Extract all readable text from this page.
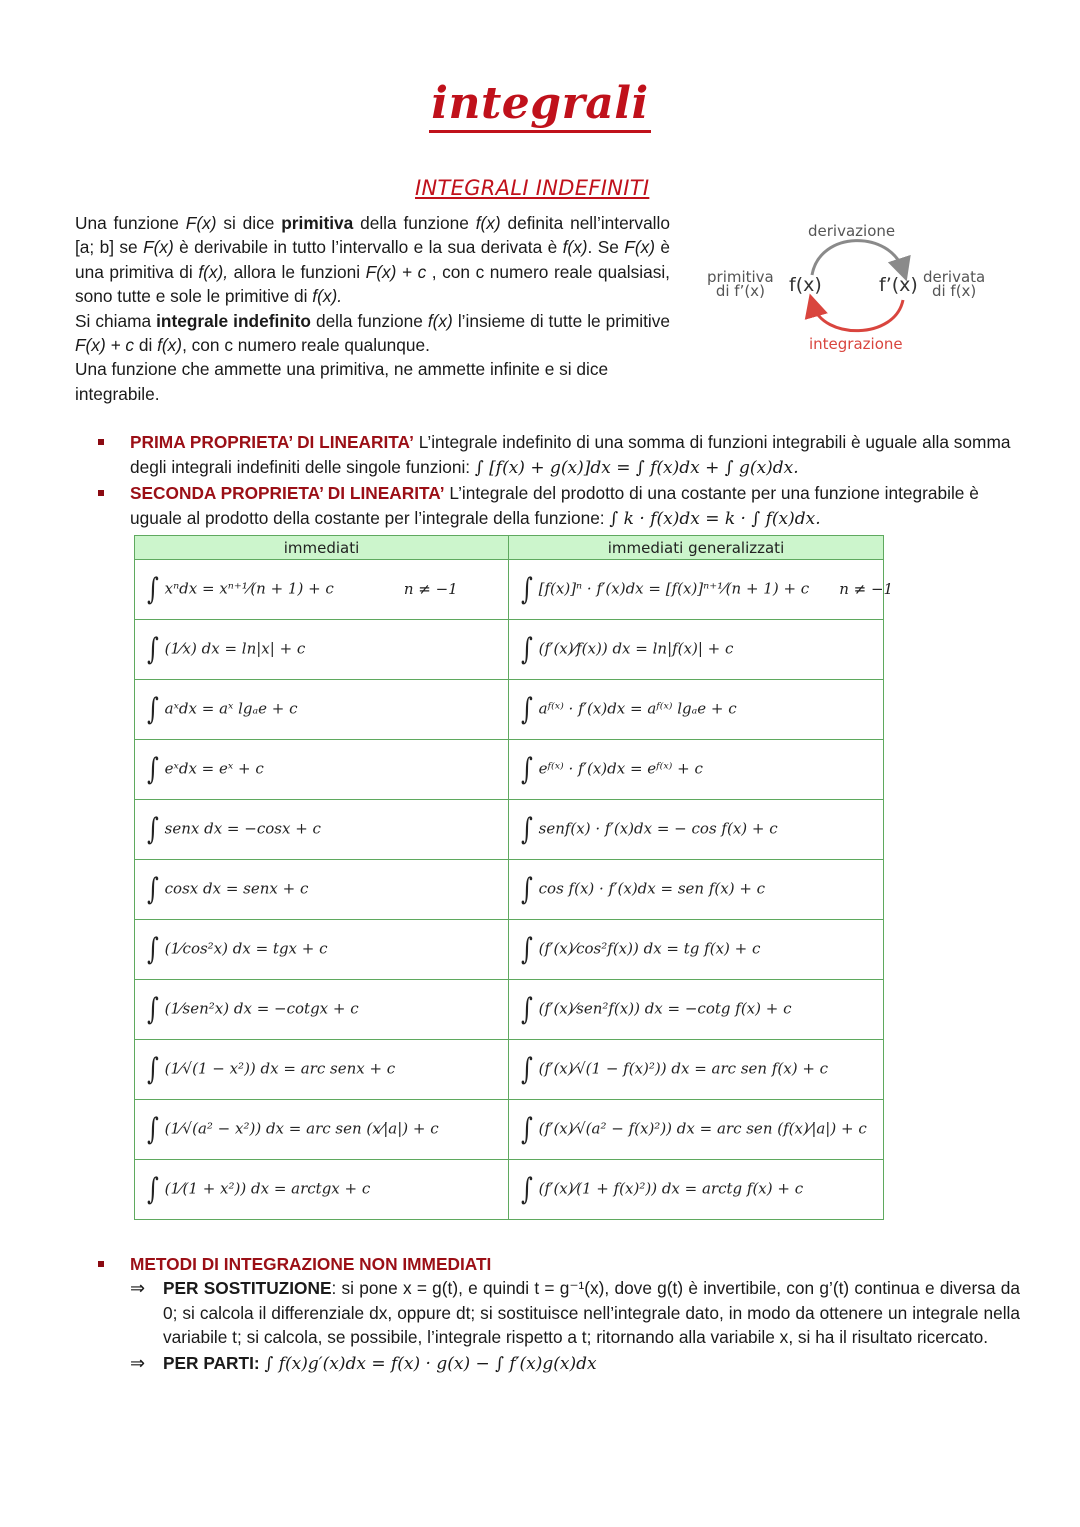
integrali
INTEGRALI INDEFINITI

Una funzione F(x) si dice primitiva della funzione f(x) definita nell’intervallo [a; b] se F(x) è derivabile in tutto l’intervallo e la sua derivata è f(x). Se F(x) è una primitiva di f(x), allora le funzioni F(x) + c , con c numero reale qualsiasi, sono tutte e sole le primitive di f(x).

Si chiama integrale indefinito della funzione f(x) l’insieme di tutte le primitive F(x) + c di f(x), con c numero reale qualunque.

Una funzione che ammette una primitiva, ne ammette infinite e si dice integrabile.

derivazione
integrazione
primitiva
di f’(x)	f(x)	f’(x) derivata
di f(x)
PRIMA PROPRIETA’ DI LINEARITA’ L’integrale indefinito di una somma di funzioni integrabili è uguale alla somma degli integrali indefiniti delle singole funzioni: ∫ [f(x) + g(x)]dx = ∫ f(x)dx + ∫ g(x)dx.
SECONDA PROPRIETA’ DI LINEARITA’ L’integrale del prodotto di una costante per una funzione integrabile è uguale al prodotto della costante per l’integrale della funzione: ∫ k · f(x)dx = k · ∫ f(x)dx.
immediati	immediati generalizzati
∫ xⁿdx = xⁿ⁺¹⁄(n + 1) + c n ≠ −1	∫ [f(x)]ⁿ · f′(x)dx = [f(x)]ⁿ⁺¹⁄(n + 1) + c n ≠ −1
∫ (1⁄x) dx = ln|x| + c	∫ (f′(x)⁄f(x)) dx = ln|f(x)| + c
∫ aˣdx = aˣ lgₐe + c	∫ aᶠ⁽ˣ⁾ · f′(x)dx = aᶠ⁽ˣ⁾ lgₐe + c
∫ eˣdx = eˣ + c	∫ eᶠ⁽ˣ⁾ · f′(x)dx = eᶠ⁽ˣ⁾ + c
∫ senx dx = −cosx + c	∫ senf(x) · f′(x)dx = − cos f(x) + c
∫ cosx dx = senx + c	∫ cos f(x) · f′(x)dx = sen f(x) + c
∫ (1⁄cos²x) dx = tgx + c	∫ (f′(x)⁄cos²f(x)) dx = tg f(x) + c
∫ (1⁄sen²x) dx = −cotgx + c	∫ (f′(x)⁄sen²f(x)) dx = −cotg f(x) + c
∫ (1⁄√(1 − x²)) dx = arc senx + c	∫ (f′(x)⁄√(1 − f(x)²)) dx = arc sen f(x) + c
∫ (1⁄√(a² − x²)) dx = arc sen (x⁄|a|) + c	∫ (f′(x)⁄√(a² − f(x)²)) dx = arc sen (f(x)⁄|a|) + c
∫ (1⁄(1 + x²)) dx = arctgx + c	∫ (f′(x)⁄(1 + f(x)²)) dx = arctg f(x) + c
METODI DI INTEGRAZIONE NON IMMEDIATI
⇒ PER SOSTITUZIONE: si pone x = g(t), e quindi t = g⁻¹(x), dove g(t) è invertibile, con g’(t) continua e diversa da 0; si calcola il differenziale dx, oppure dt; si sostituisce nell’integrale dato, in modo da ottenere un integrale nella variabile t; si calcola, se possibile, l’integrale rispetto a t; ritornando alla variabile x, si ha il risultato ricercato.
⇒ PER PARTI: ∫ f(x)g′(x)dx = f(x) · g(x) − ∫ f′(x)g(x)dx
